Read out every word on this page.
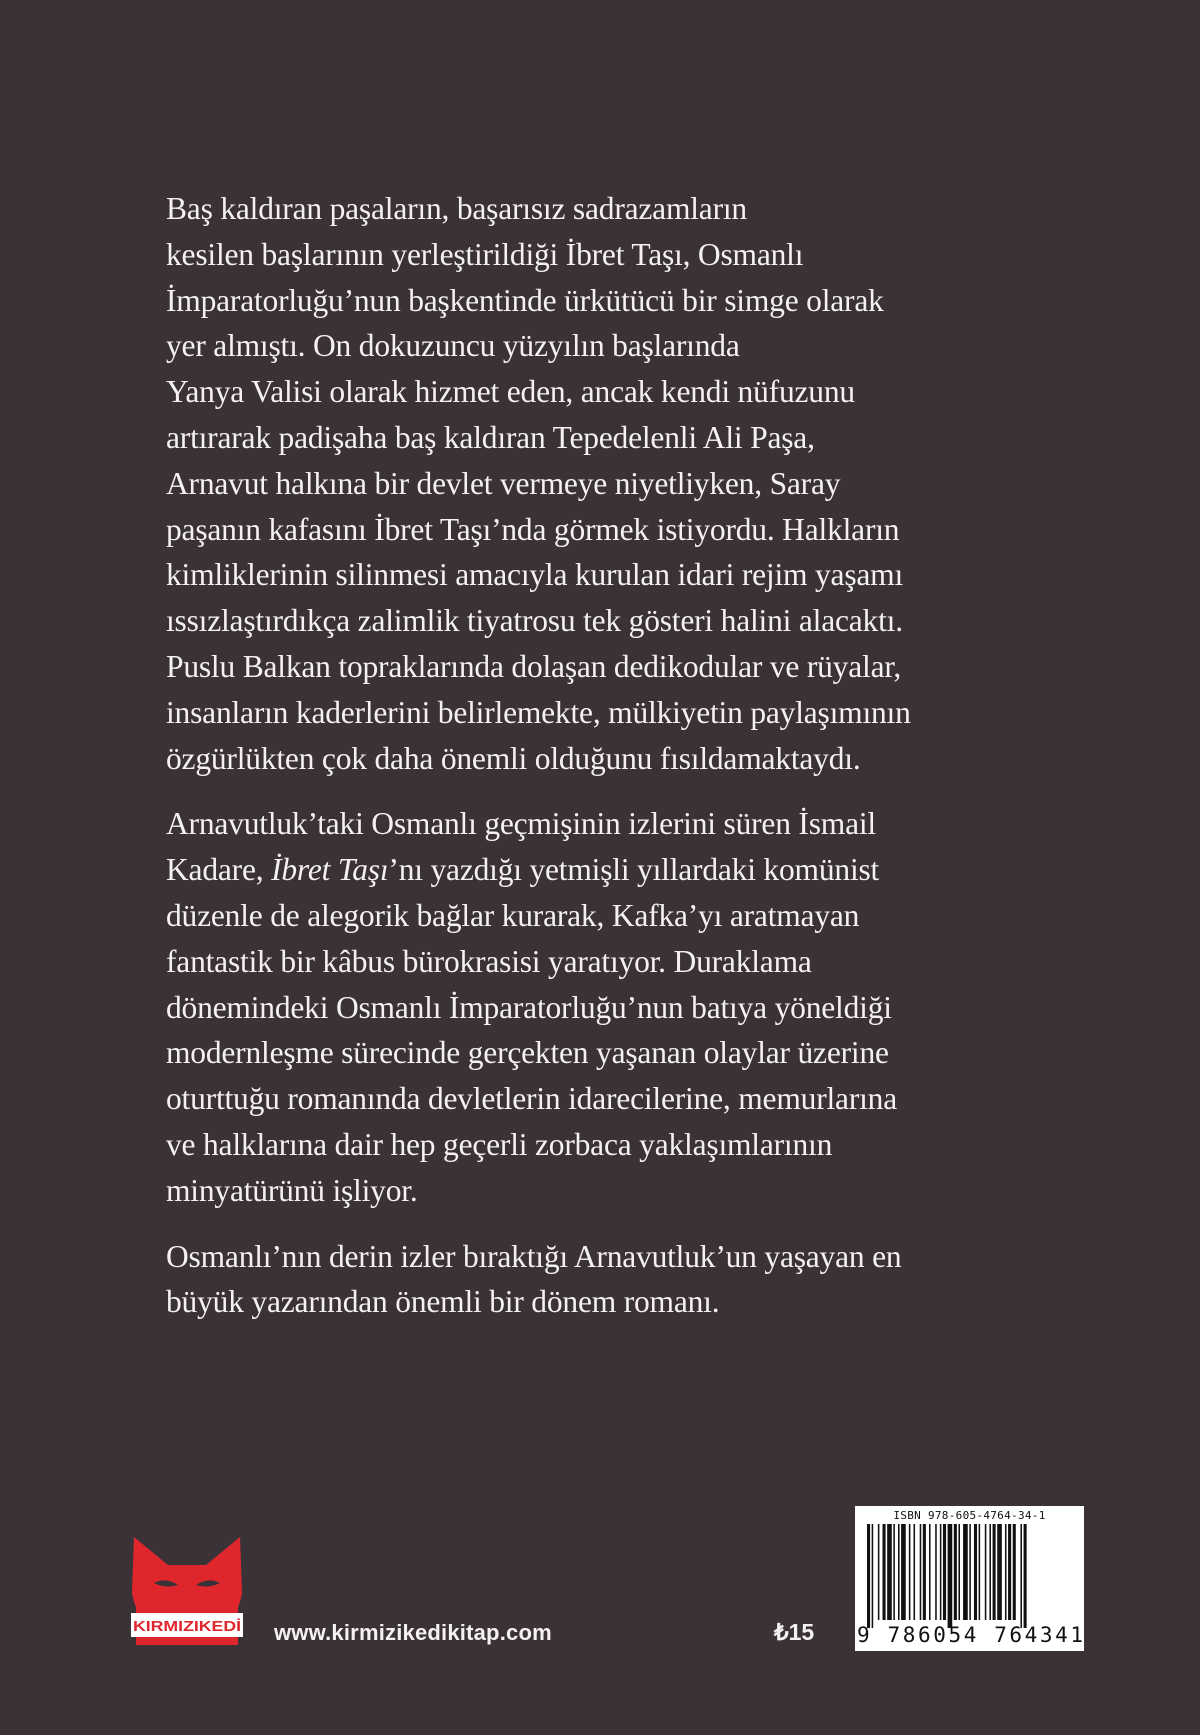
Baş kaldıran paşaların, başarısız sadrazamların
kesilen başlarının yerleştirildiği İbret Taşı, Osmanlı
İmparatorluğu’nun başkentinde ürkütücü bir simge olarak
yer almıştı. On dokuzuncu yüzyılın başlarında
Yanya Valisi olarak hizmet eden, ancak kendi nüfuzunu
artırarak padişaha baş kaldıran Tepedelenli Ali Paşa,
Arnavut halkına bir devlet vermeye niyetliyken, Saray
paşanın kafasını İbret Taşı’nda görmek istiyordu. Halkların
kimliklerinin silinmesi amacıyla kurulan idari rejim yaşamı
ıssızlaştırdıkça zalimlik tiyatrosu tek gösteri halini alacaktı.
Puslu Balkan topraklarında dolaşan dedikodular ve rüyalar,
insanların kaderlerini belirlemekte, mülkiyetin paylaşımının
özgürlükten çok daha önemli olduğunu fısıldamaktaydı.

Arnavutluk’taki Osmanlı geçmişinin izlerini süren İsmail
Kadare, İbret Taşı’nı yazdığı yetmişli yıllardaki komünist
düzenle de alegorik bağlar kurarak, Kafka’yı aratmayan
fantastik bir kâbus bürokrasisi yaratıyor. Duraklama
dönemindeki Osmanlı İmparatorluğu’nun batıya yöneldiği
modernleşme sürecinde gerçekten yaşanan olaylar üzerine
oturttuğu romanında devletlerin idarecilerine, memurlarına
ve halklarına dair hep geçerli zorbaca yaklaşımlarının
minyatürünü işliyor.

Osmanlı’nın derin izler bıraktığı Arnavutluk’un yaşayan en
büyük yazarından önemli bir dönem romanı.

KIRMIZIKEDİ	www.kirmizikedikitap.com	₺15
ISBN 978-605-4764-34-1
9 786054 764341
